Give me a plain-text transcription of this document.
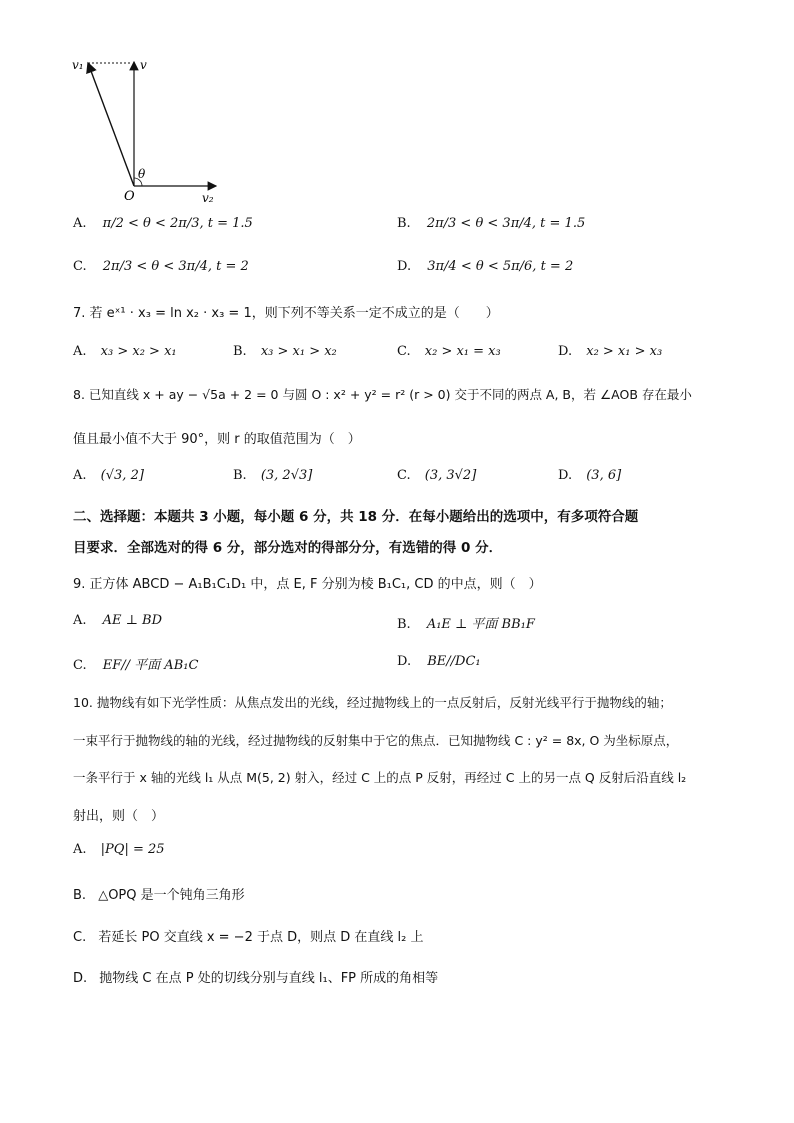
v₁	v
θ
O	v₂
A. π/2 < θ < 2π/3, t = 1.5	B. 2π/3 < θ < 3π/4, t = 1.5
C. 2π/3 < θ < 3π/4, t = 2	D. 3π/4 < θ < 5π/6, t = 2
7. 若 eˣ¹ · x₃ = ln x₂ · x₃ = 1，则下列不等关系一定不成立的是（　　）
A. x₃ > x₂ > x₁	B. x₃ > x₁ > x₂	C. x₂ > x₁ = x₃	D. x₂ > x₁ > x₃
8. 已知直线 x + ay − √5a + 2 = 0 与圆 O : x² + y² = r² (r > 0) 交于不同的两点 A, B，若 ∠AOB 存在最小
值且最小值不大于 90°，则 r 的取值范围为（　）
A. (√3, 2]	B. (3, 2√3]	C. (3, 3√2]	D. (3, 6]
二、选择题：本题共 3 小题，每小题 6 分，共 18 分．在每小题给出的选项中，有多项符合题
目要求．全部选对的得 6 分，部分选对的得部分分，有选错的得 0 分．
9. 正方体 ABCD − A₁B₁C₁D₁ 中，点 E, F 分别为棱 B₁C₁, CD 的中点，则（　）
A. AE ⊥ BD	B. A₁E ⊥ 平面 BB₁F
C. EF// 平面 AB₁C	D. BE//DC₁
10. 抛物线有如下光学性质：从焦点发出的光线，经过抛物线上的一点反射后，反射光线平行于抛物线的轴；
一束平行于抛物线的轴的光线，经过抛物线的反射集中于它的焦点．已知抛物线 C : y² = 8x, O 为坐标原点，
一条平行于 x 轴的光线 l₁ 从点 M(5, 2) 射入，经过 C 上的点 P 反射，再经过 C 上的另一点 Q 反射后沿直线 l₂
射出，则（　）
A. |PQ| = 25
B. △OPQ 是一个钝角三角形
C. 若延长 PO 交直线 x = −2 于点 D，则点 D 在直线 l₂ 上
D. 抛物线 C 在点 P 处的切线分别与直线 l₁、FP 所成的角相等
